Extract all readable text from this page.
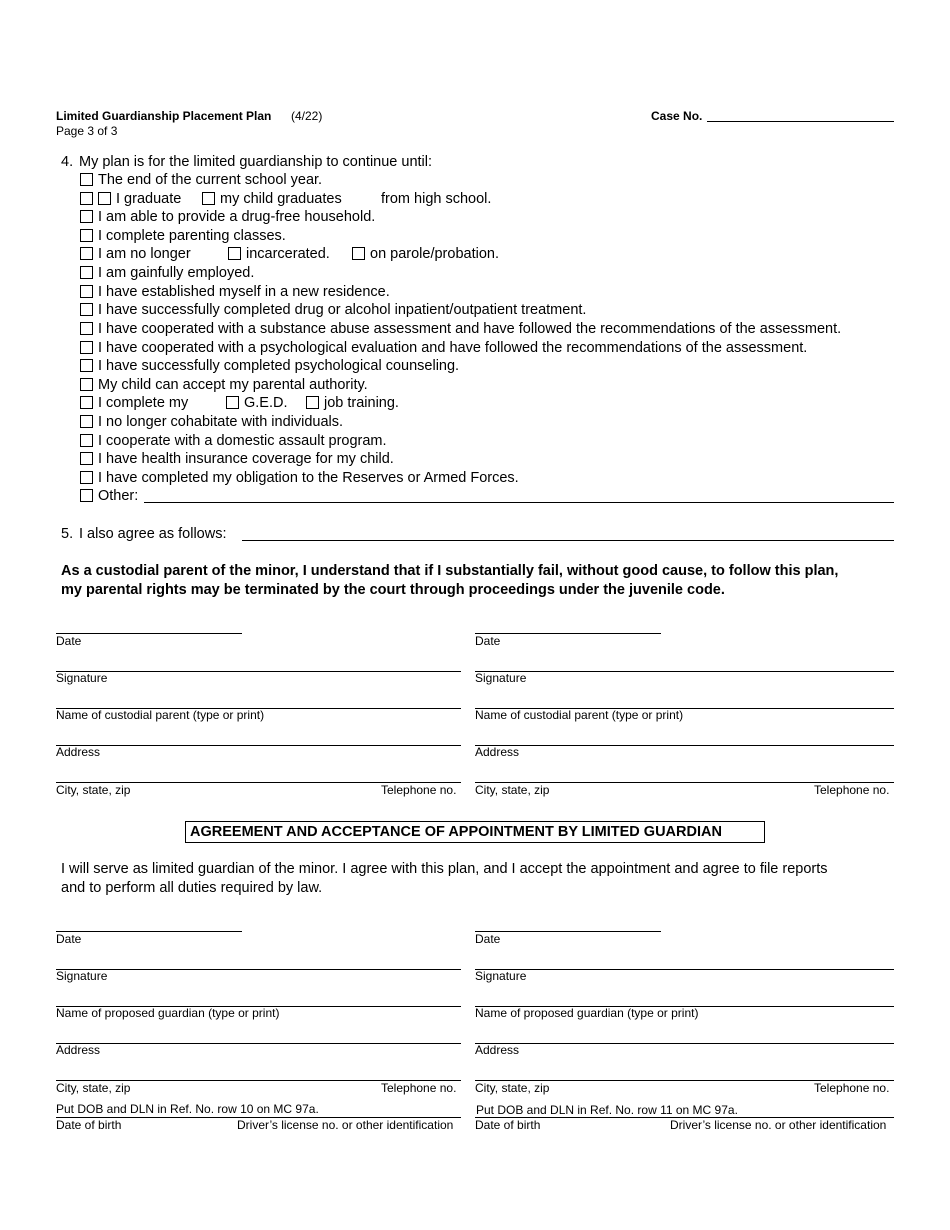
Limited Guardianship Placement Plan (4/22)
Page 3 of 3
Case No.
4. My plan is for the limited guardianship to continue until:
The end of the current school year.
I graduate	my child graduates	from high school.
I am able to provide a drug-free household.
I complete parenting classes.
I am no longer	incarcerated.	on parole/probation.
I am gainfully employed.
I have established myself in a new residence.
I have successfully completed drug or alcohol inpatient/outpatient treatment.
I have cooperated with a substance abuse assessment and have followed the recommendations of the assessment.
I have cooperated with a psychological evaluation and have followed the recommendations of the assessment.
I have successfully completed psychological counseling.
My child can accept my parental authority.
I complete my	G.E.D.	job training.
I no longer cohabitate with individuals.
I cooperate with a domestic assault program.
I have health insurance coverage for my child.
I have completed my obligation to the Reserves or Armed Forces.
Other:
5. I also agree as follows:
As a custodial parent of the minor, I understand that if I substantially fail, without good cause, to follow this plan,
my parental rights may be terminated by the court through proceedings under the juvenile code.
Date
Signature
Name of custodial parent (type or print)
Address
City, state, zip	Telephone no.
Date
Signature
Name of custodial parent (type or print)
Address
City, state, zip	Telephone no.
AGREEMENT AND ACCEPTANCE OF APPOINTMENT BY LIMITED GUARDIAN
I will serve as limited guardian of the minor. I agree with this plan, and I accept the appointment and agree to file reports
and to perform all duties required by law.
Date
Signature
Name of proposed guardian (type or print)
Address
City, state, zip	Telephone no.
Put DOB and DLN in Ref. No. row 10 on MC 97a.
Date of birth	Driver’s license no. or other identification
Date
Signature
Name of proposed guardian (type or print)
Address
City, state, zip	Telephone no.
Put DOB and DLN in Ref. No. row 11 on MC 97a.
Date of birth	Driver’s license no. or other identification
